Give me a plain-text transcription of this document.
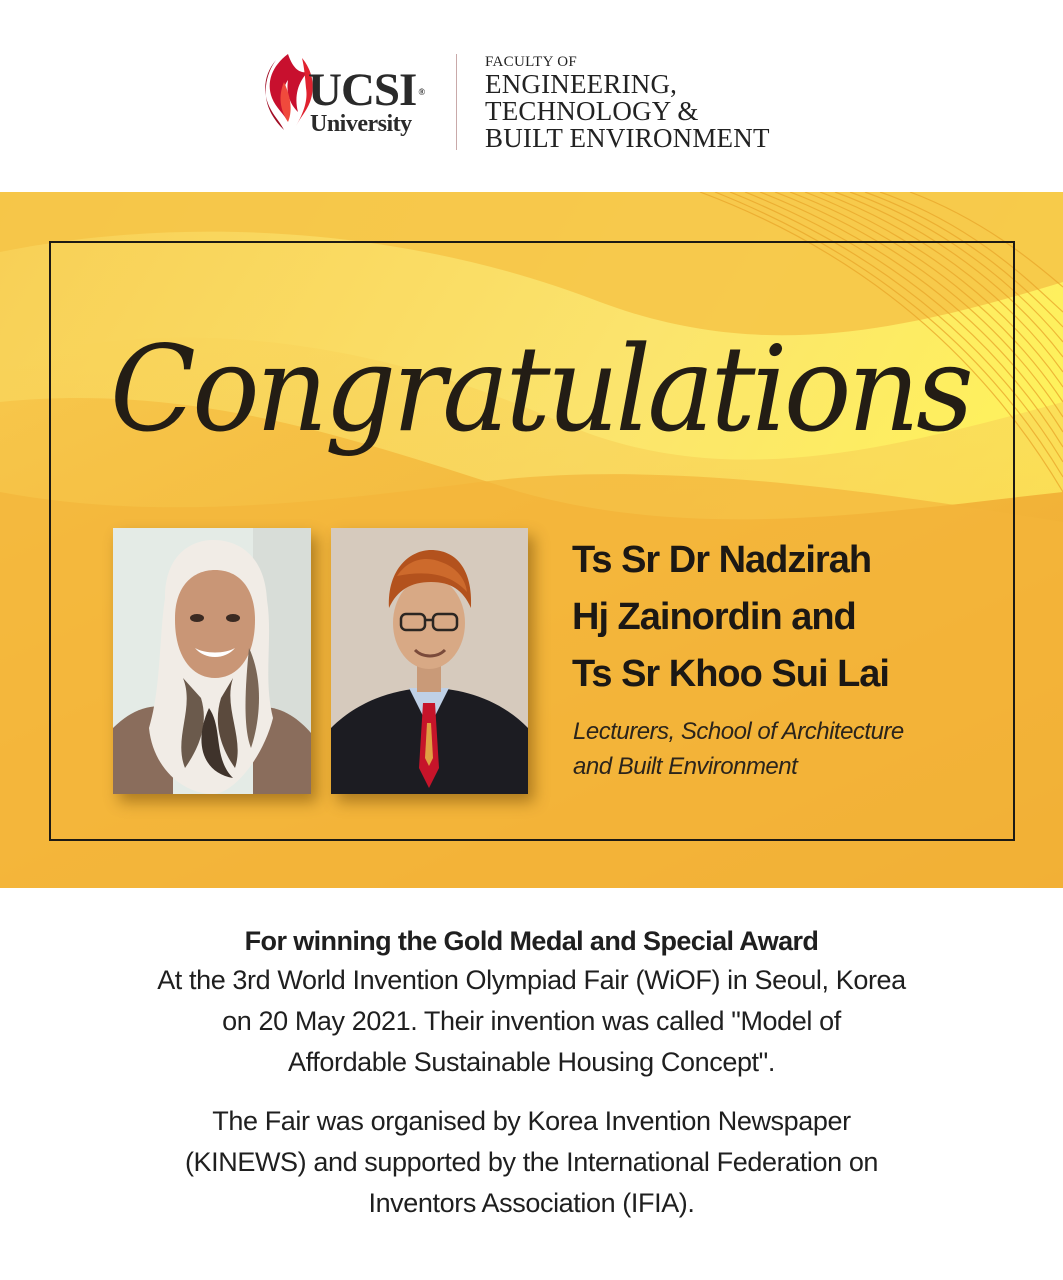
UCSI ®
University
FACULTY OF
ENGINEERING,
TECHNOLOGY &
BUILT ENVIRONMENT
Congratulations
Ts Sr Dr Nadzirah
Hj Zainordin and
Ts Sr Khoo Sui Lai
Lecturers, School of Architecture
and Built Environment
For winning the Gold Medal and Special Award
At the 3rd World Invention Olympiad Fair (WiOF) in Seoul, Korea
on 20 May 2021. Their invention was called "Model of
Affordable Sustainable Housing Concept".
The Fair was organised by Korea Invention Newspaper
(KINEWS) and supported by the International Federation on
Inventors Association (IFIA).
